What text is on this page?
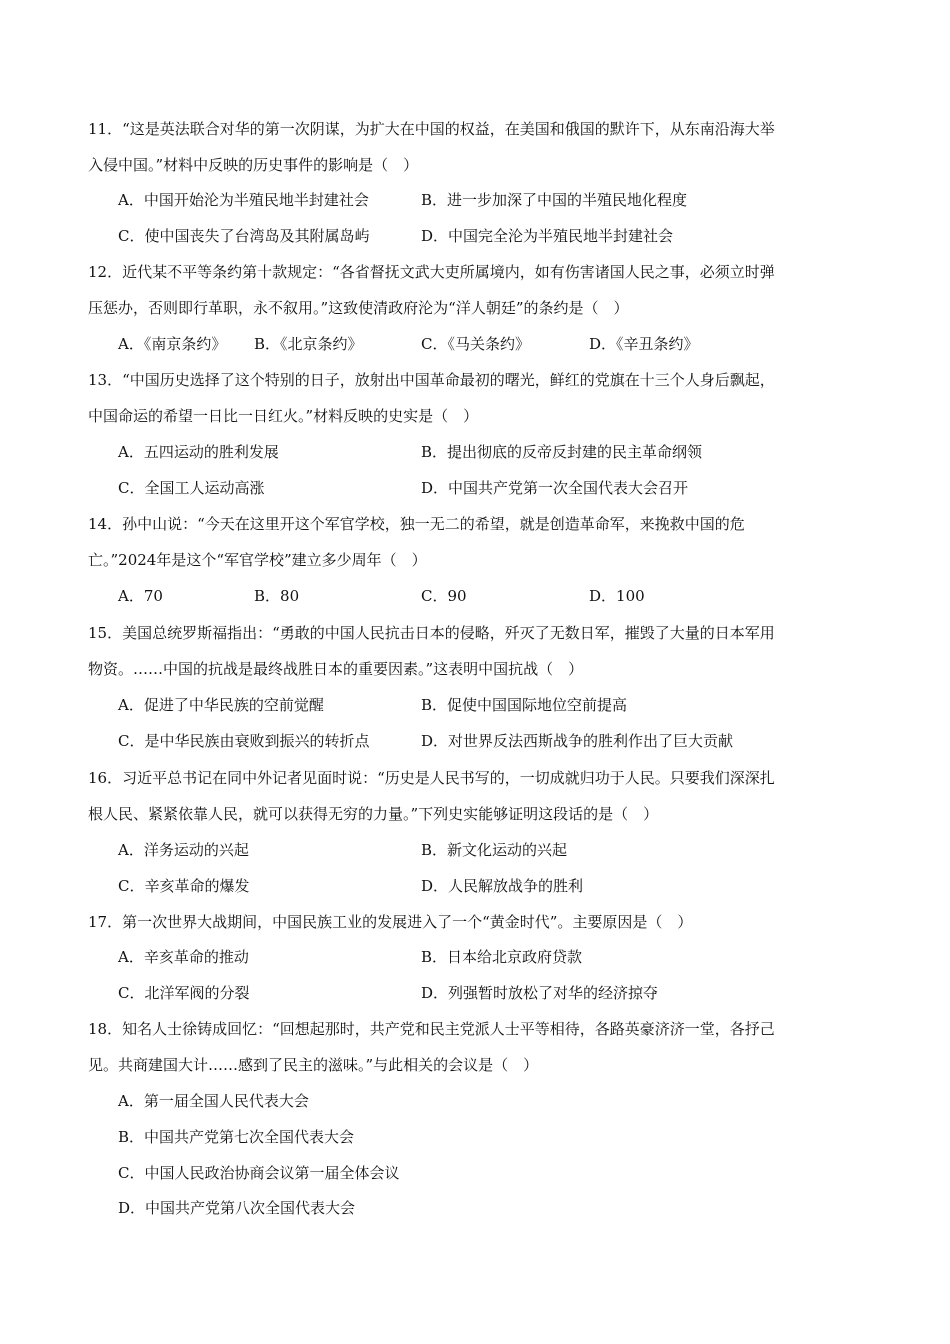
11．“这是英法联合对华的第一次阴谋，为扩大在中国的权益，在美国和俄国的默许下，从东南沿海大举
入侵中国。”材料中反映的历史事件的影响是（　）
A．中国开始沦为半殖民地半封建社会	B．进一步加深了中国的半殖民地化程度
C．使中国丧失了台湾岛及其附属岛屿	D．中国完全沦为半殖民地半封建社会
12．近代某不平等条约第十款规定：“各省督抚文武大吏所属境内，如有伤害诸国人民之事，必须立时弹
压惩办，否则即行革职，永不叙用。”这致使清政府沦为“洋人朝廷”的条约是（　）
A．《南京条约》 B．《北京条约》	C．《马关条约》	D．《辛丑条约》
13．“中国历史选择了这个特别的日子，放射出中国革命最初的曙光，鲜红的党旗在十三个人身后飘起，
中国命运的希望一日比一日红火。”材料反映的史实是（　）
A．五四运动的胜利发展	B．提出彻底的反帝反封建的民主革命纲领
C．全国工人运动高涨	D．中国共产党第一次全国代表大会召开
14．孙中山说：“今天在这里开这个军官学校，独一无二的希望，就是创造革命军，来挽救中国的危
亡。”2024年是这个“军官学校”建立多少周年（　）
A．70	B．80	C．90	D．100
15．美国总统罗斯福指出：“勇敢的中国人民抗击日本的侵略，歼灭了无数日军，摧毁了大量的日本军用
物资。……中国的抗战是最终战胜日本的重要因素。”这表明中国抗战（　）
A．促进了中华民族的空前觉醒	B．促使中国国际地位空前提高
C．是中华民族由衰败到振兴的转折点	D．对世界反法西斯战争的胜利作出了巨大贡献
16．习近平总书记在同中外记者见面时说：“历史是人民书写的，一切成就归功于人民。只要我们深深扎
根人民、紧紧依靠人民，就可以获得无穷的力量。”下列史实能够证明这段话的是（　）
A．洋务运动的兴起	B．新文化运动的兴起
C．辛亥革命的爆发	D．人民解放战争的胜利
17．第一次世界大战期间，中国民族工业的发展进入了一个“黄金时代”。主要原因是（　）
A．辛亥革命的推动	B．日本给北京政府贷款
C．北洋军阀的分裂	D．列强暂时放松了对华的经济掠夺
18．知名人士徐铸成回忆：“回想起那时，共产党和民主党派人士平等相待，各路英豪济济一堂，各抒己
见。共商建国大计……感到了民主的滋味。”与此相关的会议是（　）
A．第一届全国人民代表大会
B．中国共产党第七次全国代表大会
C．中国人民政治协商会议第一届全体会议
D．中国共产党第八次全国代表大会
